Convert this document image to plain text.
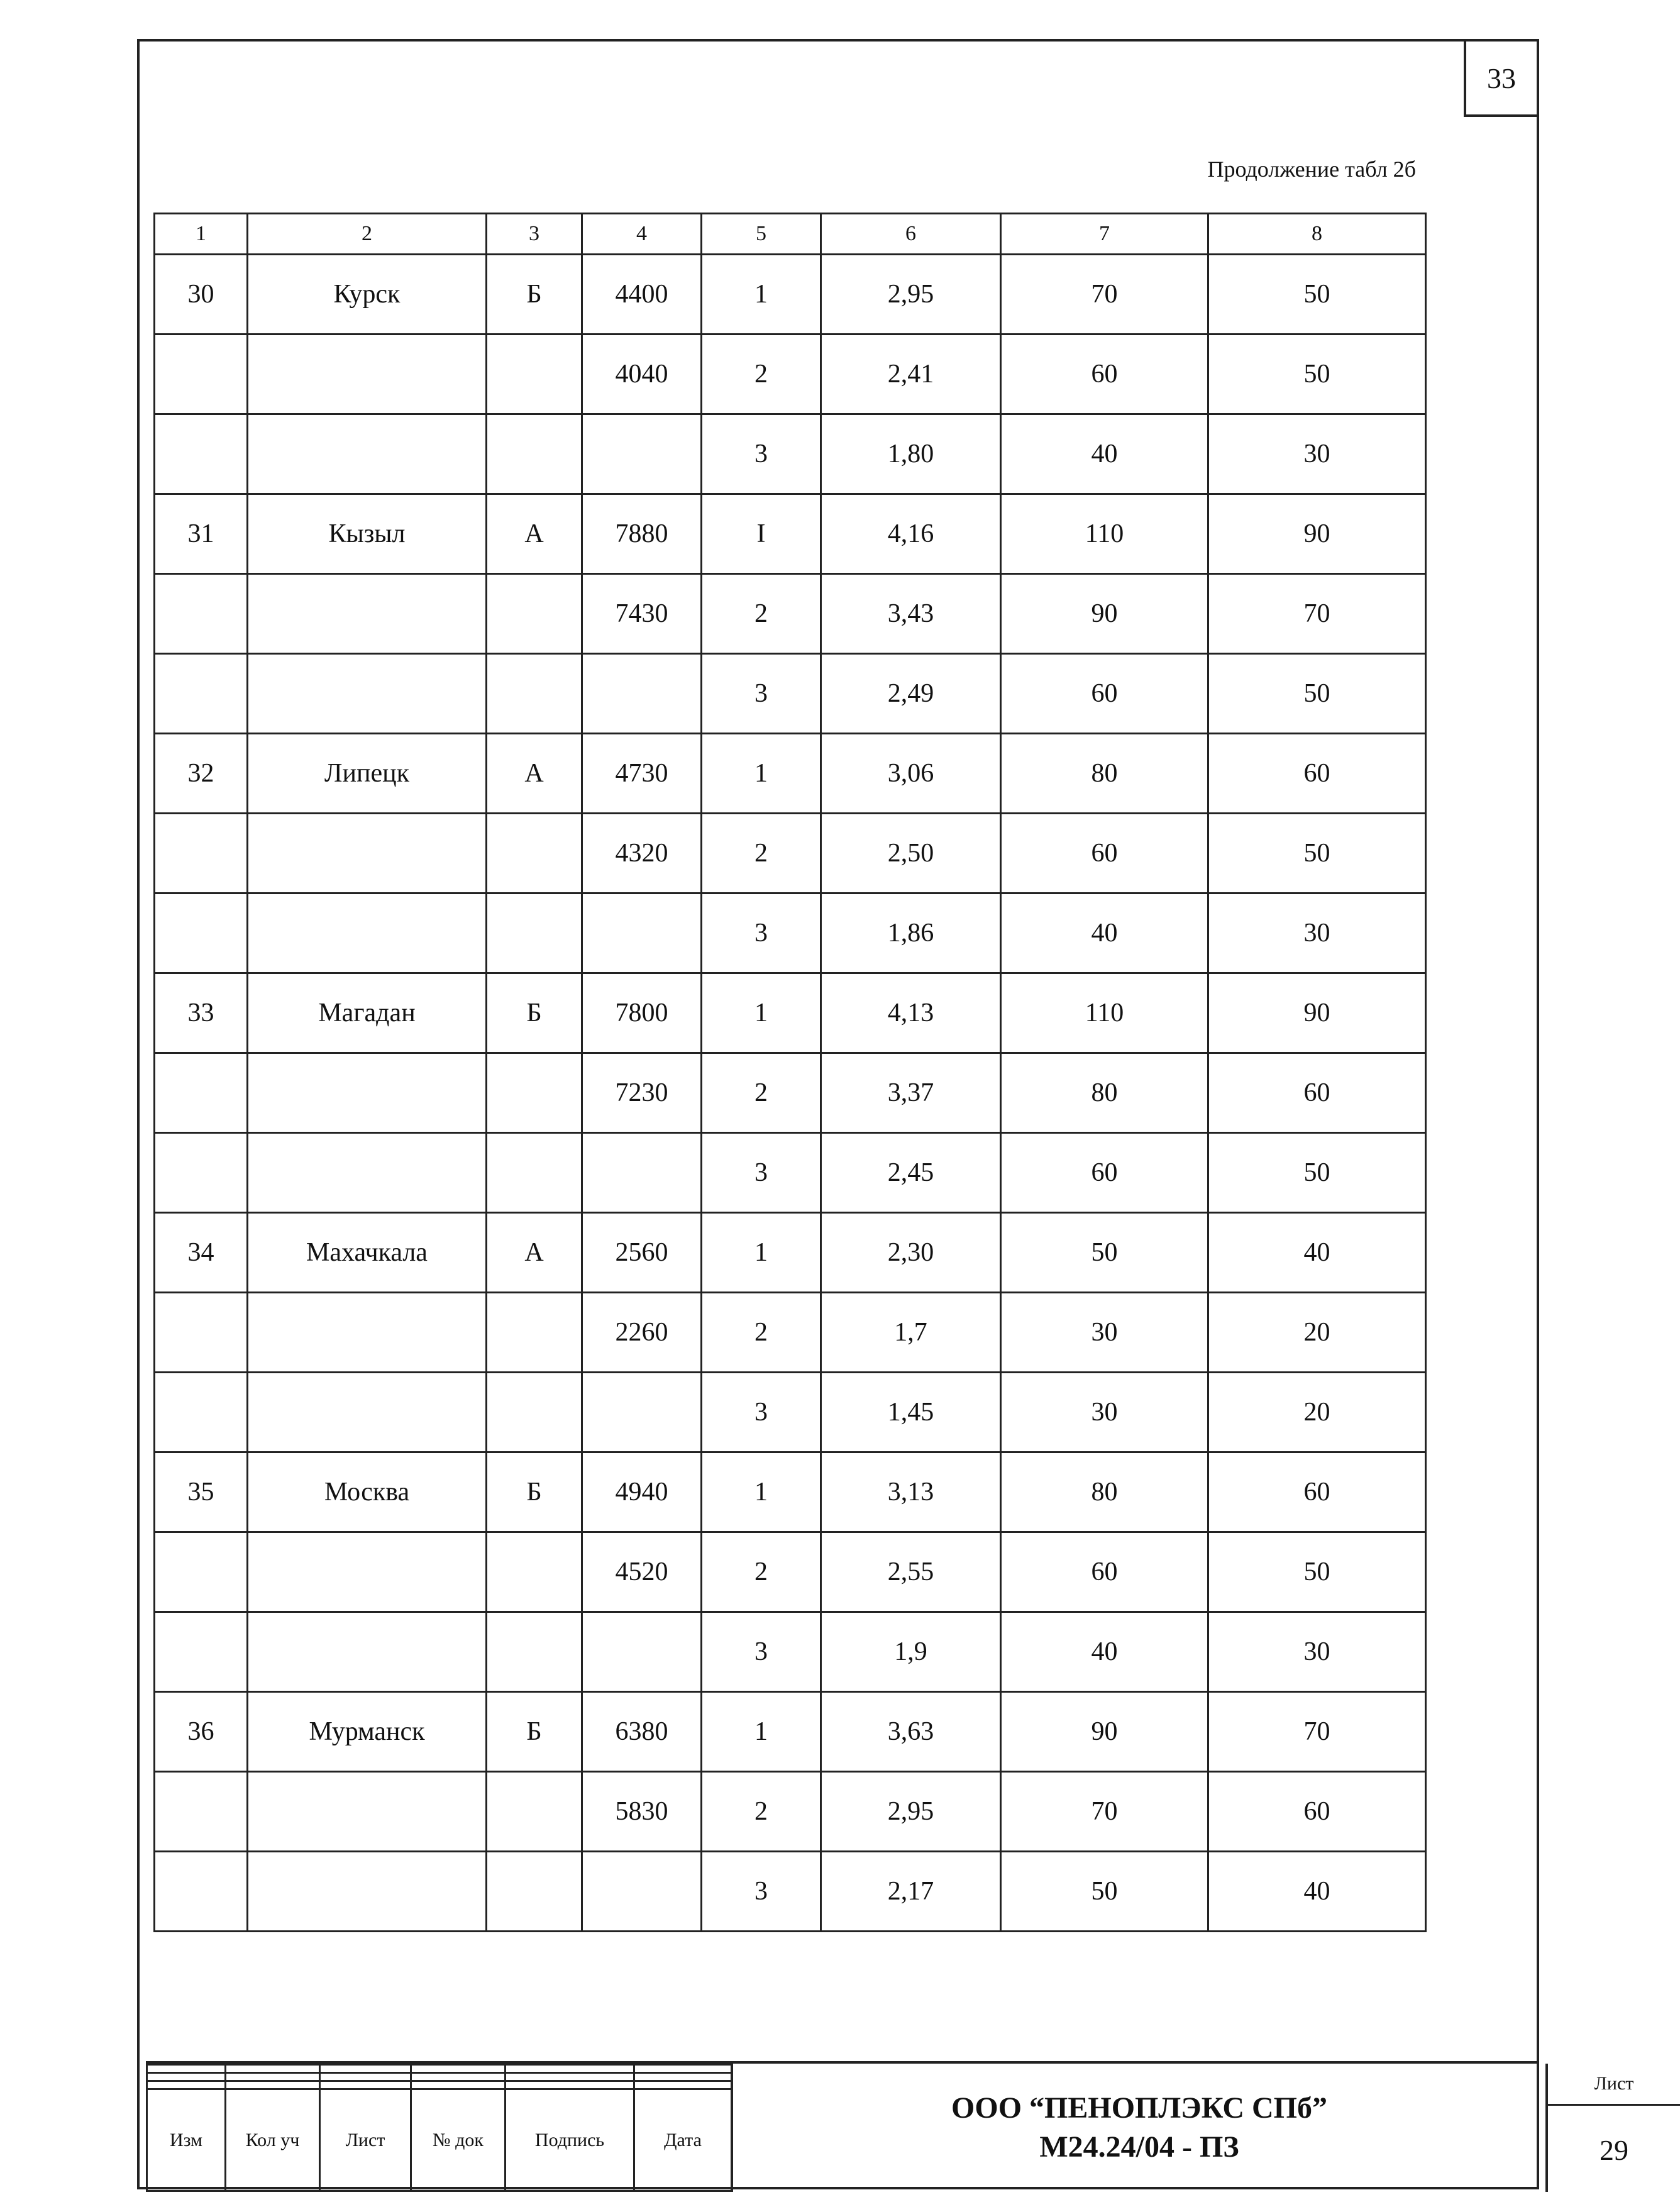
33
Продолжение табл 2б
1	2	3	4	5	6	7	8
30	Курск	Б	4400	1	2,95	70	50
			4040	2	2,41	60	50
				3	1,80	40	30
31	Кызыл	А	7880	I	4,16	110	90
			7430	2	3,43	90	70
				3	2,49	60	50
32	Липецк	А	4730	1	3,06	80	60
			4320	2	2,50	60	50
				3	1,86	40	30
33	Магадан	Б	7800	1	4,13	110	90
			7230	2	3,37	80	60
				3	2,45	60	50
34	Махачкала	А	2560	1	2,30	50	40
			2260	2	1,7	30	20
				3	1,45	30	20
35	Москва	Б	4940	1	3,13	80	60
			4520	2	2,55	60	50
				3	1,9	40	30
36	Мурманск	Б	6380	1	3,63	90	70
			5830	2	2,95	70	60
				3	2,17	50	40

Изм	Кол уч	Лист	№ док	Подпись	Дата
ООО “ПЕНОПЛЭКС СПб”
М24.24/04 - ПЗ
Лист
29
